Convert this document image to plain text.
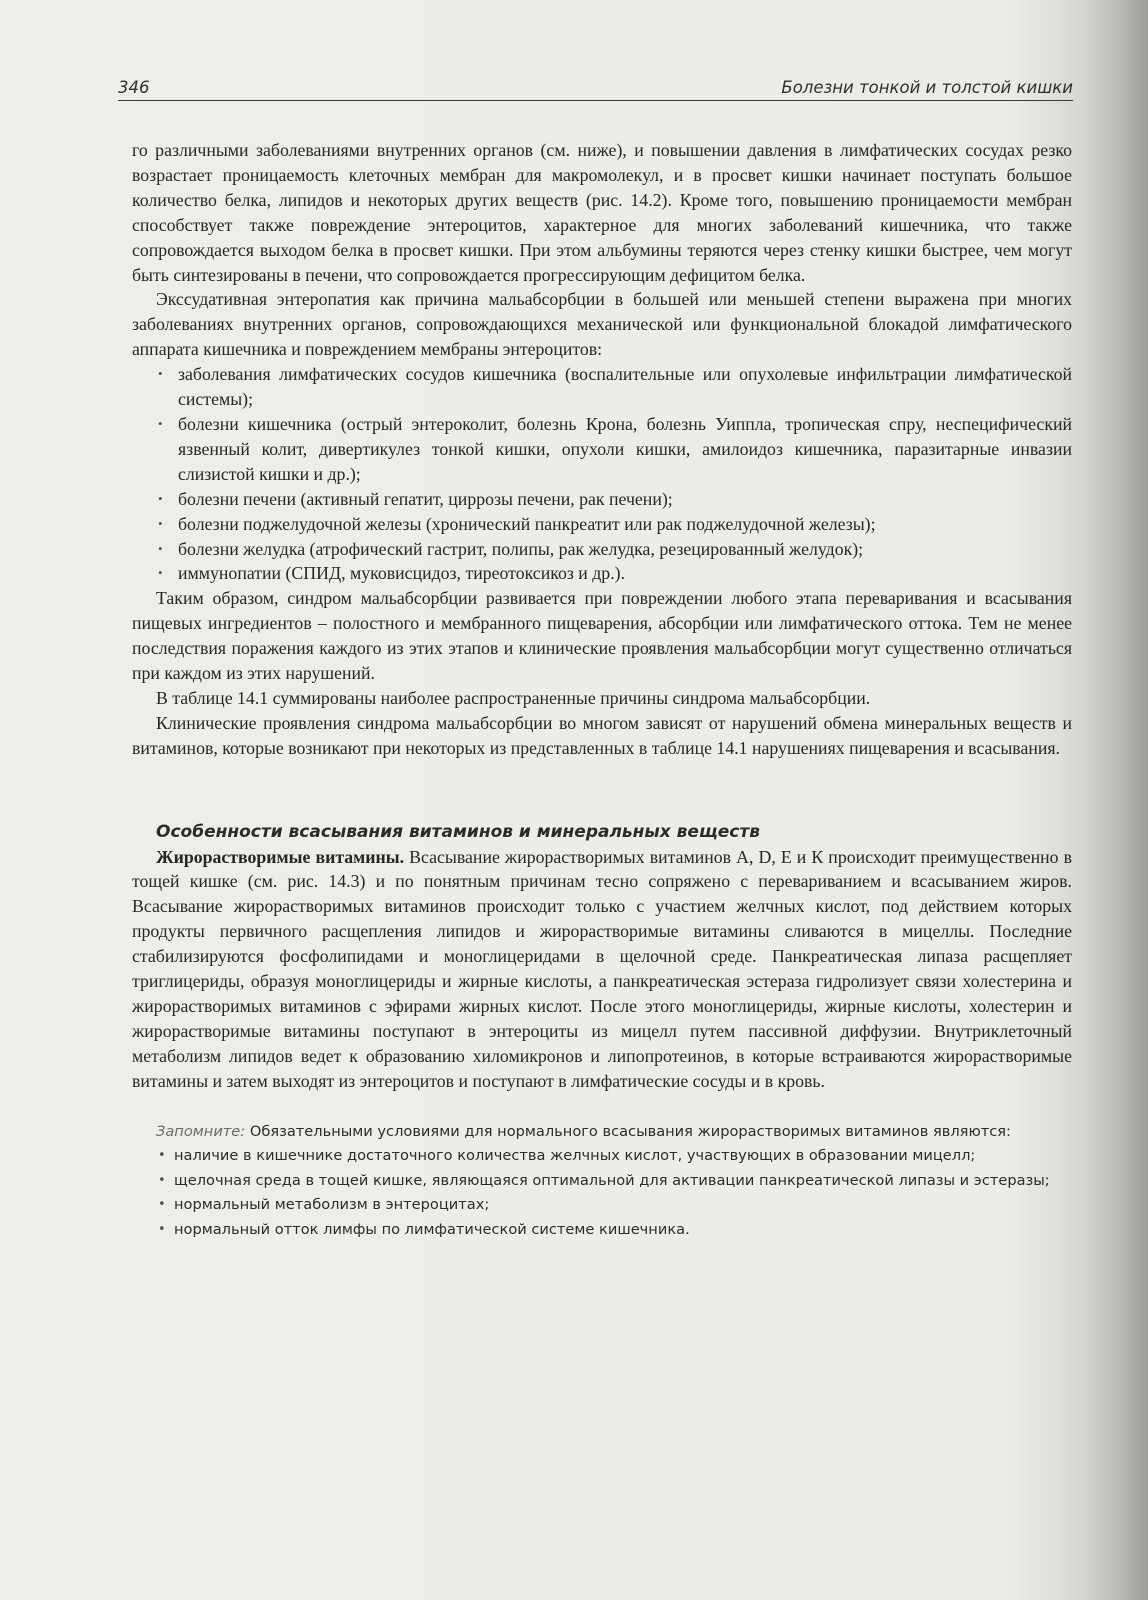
346	Болезни тонкой и толстой кишки

го различными заболеваниями внутренних органов (см. ниже), и повышении давления в лимфатических сосудах резко возрастает проницаемость клеточных мембран для макромолекул, и в просвет кишки начинает поступать большое количество белка, липидов и некоторых других веществ (рис. 14.2). Кроме того, повышению проницаемости мембран способствует также повреждение энтероцитов, характерное для многих заболеваний кишечника, что также сопровождается выходом белка в просвет кишки. При этом альбумины теряются через стенку кишки быстрее, чем могут быть синтезированы в печени, что сопровождается прогрессирующим дефицитом белка.

Экссудативная энтеропатия как причина мальабсорбции в большей или меньшей степени выражена при многих заболеваниях внутренних органов, сопровождающихся механической или функциональной блокадой лимфатического аппарата кишечника и повреждением мембраны энтероцитов:

• заболевания лимфатических сосудов кишечника (воспалительные или опухолевые инфильтрации лимфатической системы);
• болезни кишечника (острый энтероколит, болезнь Крона, болезнь Уиппла, тропическая спру, неспецифический язвенный колит, дивертикулез тонкой кишки, опухоли кишки, амилоидоз кишечника, паразитарные инвазии слизистой кишки и др.);
• болезни печени (активный гепатит, циррозы печени, рак печени);
• болезни поджелудочной железы (хронический панкреатит или рак поджелудочной железы);
• болезни желудка (атрофический гастрит, полипы, рак желудка, резецированный желудок);
• иммунопатии (СПИД, муковисцидоз, тиреотоксикоз и др.).

Таким образом, синдром мальабсорбции развивается при повреждении любого этапа переваривания и всасывания пищевых ингредиентов – полостного и мембранного пищеварения, абсорбции или лимфатического оттока. Тем не менее последствия поражения каждого из этих этапов и клинические проявления мальабсорбции могут существенно отличаться при каждом из этих нарушений.

В таблице 14.1 суммированы наиболее распространенные причины синдрома мальабсорбции.

Клинические проявления синдрома мальабсорбции во многом зависят от нарушений обмена минеральных веществ и витаминов, которые возникают при некоторых из представленных в таблице 14.1 нарушениях пищеварения и всасывания.

Особенности всасывания витаминов и минеральных веществ

Жирорастворимые витамины. Всасывание жирорастворимых витаминов А, D, Е и К происходит преимущественно в тощей кишке (см. рис. 14.3) и по понятным причинам тесно сопряжено с перевариванием и всасыванием жиров. Всасывание жирорастворимых витаминов происходит только с участием желчных кислот, под действием которых продукты первичного расщепления липидов и жирорастворимые витамины сливаются в мицеллы. Последние стабилизируются фосфолипидами и моноглицеридами в щелочной среде. Панкреатическая липаза расщепляет триглицериды, образуя моноглицериды и жирные кислоты, а панкреатическая эстераза гидролизует связи холестерина и жирорастворимых витаминов с эфирами жирных кислот. После этого моноглицериды, жирные кислоты, холестерин и жирорастворимые витамины поступают в энтероциты из мицелл путем пассивной диффузии. Внутриклеточный метаболизм липидов ведет к образованию хиломикронов и липопротеинов, в которые встраиваются жирорастворимые витамины и затем выходят из энтероцитов и поступают в лимфатические сосуды и в кровь.

Запомните: Обязательными условиями для нормального всасывания жирорастворимых витаминов являются:
• наличие в кишечнике достаточного количества желчных кислот, участвующих в образовании мицелл;
• щелочная среда в тощей кишке, являющаяся оптимальной для активации панкреатической липазы и эстеразы;
• нормальный метаболизм в энтероцитах;
• нормальный отток лимфы по лимфатической системе кишечника.
